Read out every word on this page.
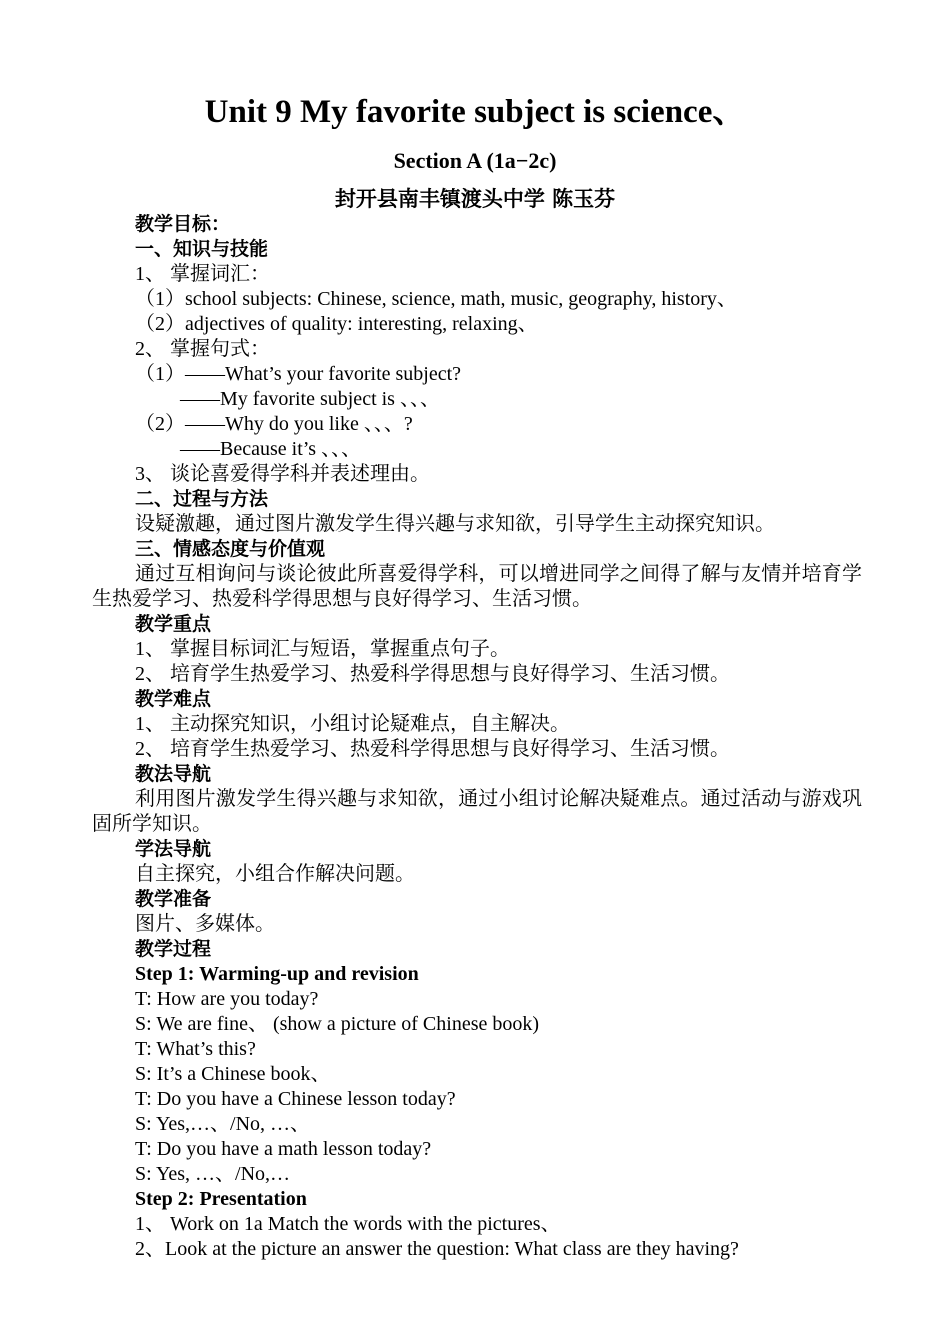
Unit 9 My favorite subject is science、
Section A (1a−2c)
封开县南丰镇渡头中学 陈玉芬
教学目标：
一、知识与技能
1、 掌握词汇：
（1）school subjects: Chinese, science, math, music, geography, history、
（2）adjectives of quality: interesting, relaxing、
2、 掌握句式：
（1）——What’s your favorite subject?
——My favorite subject is 、、、
（2）——Why do you like 、、、?
——Because it’s 、、、
3、 谈论喜爱得学科并表述理由。
二、过程与方法
设疑激趣，通过图片激发学生得兴趣与求知欲，引导学生主动探究知识。
三、情感态度与价值观
通过互相询问与谈论彼此所喜爱得学科，可以增进同学之间得了解与友情并培育学生热爱学习、热爱科学得思想与良好得学习、生活习惯。
教学重点
1、 掌握目标词汇与短语，掌握重点句子。
2、 培育学生热爱学习、热爱科学得思想与良好得学习、生活习惯。
教学难点
1、 主动探究知识，小组讨论疑难点，自主解决。
2、 培育学生热爱学习、热爱科学得思想与良好得学习、生活习惯。
教法导航
利用图片激发学生得兴趣与求知欲，通过小组讨论解决疑难点。通过活动与游戏巩固所学知识。
学法导航
自主探究，小组合作解决问题。
教学准备
图片、多媒体。
教学过程
Step 1: Warming-up and revision
T: How are you today?
S: We are fine、 (show a picture of Chinese book)
T: What’s this?
S: It’s a Chinese book、
T: Do you have a Chinese lesson today?
S: Yes,…、/No, …、
T: Do you have a math lesson today?
S: Yes, …、/No,…
Step 2: Presentation
1、 Work on 1a Match the words with the pictures、
2、Look at the picture an answer the question: What class are they having?
